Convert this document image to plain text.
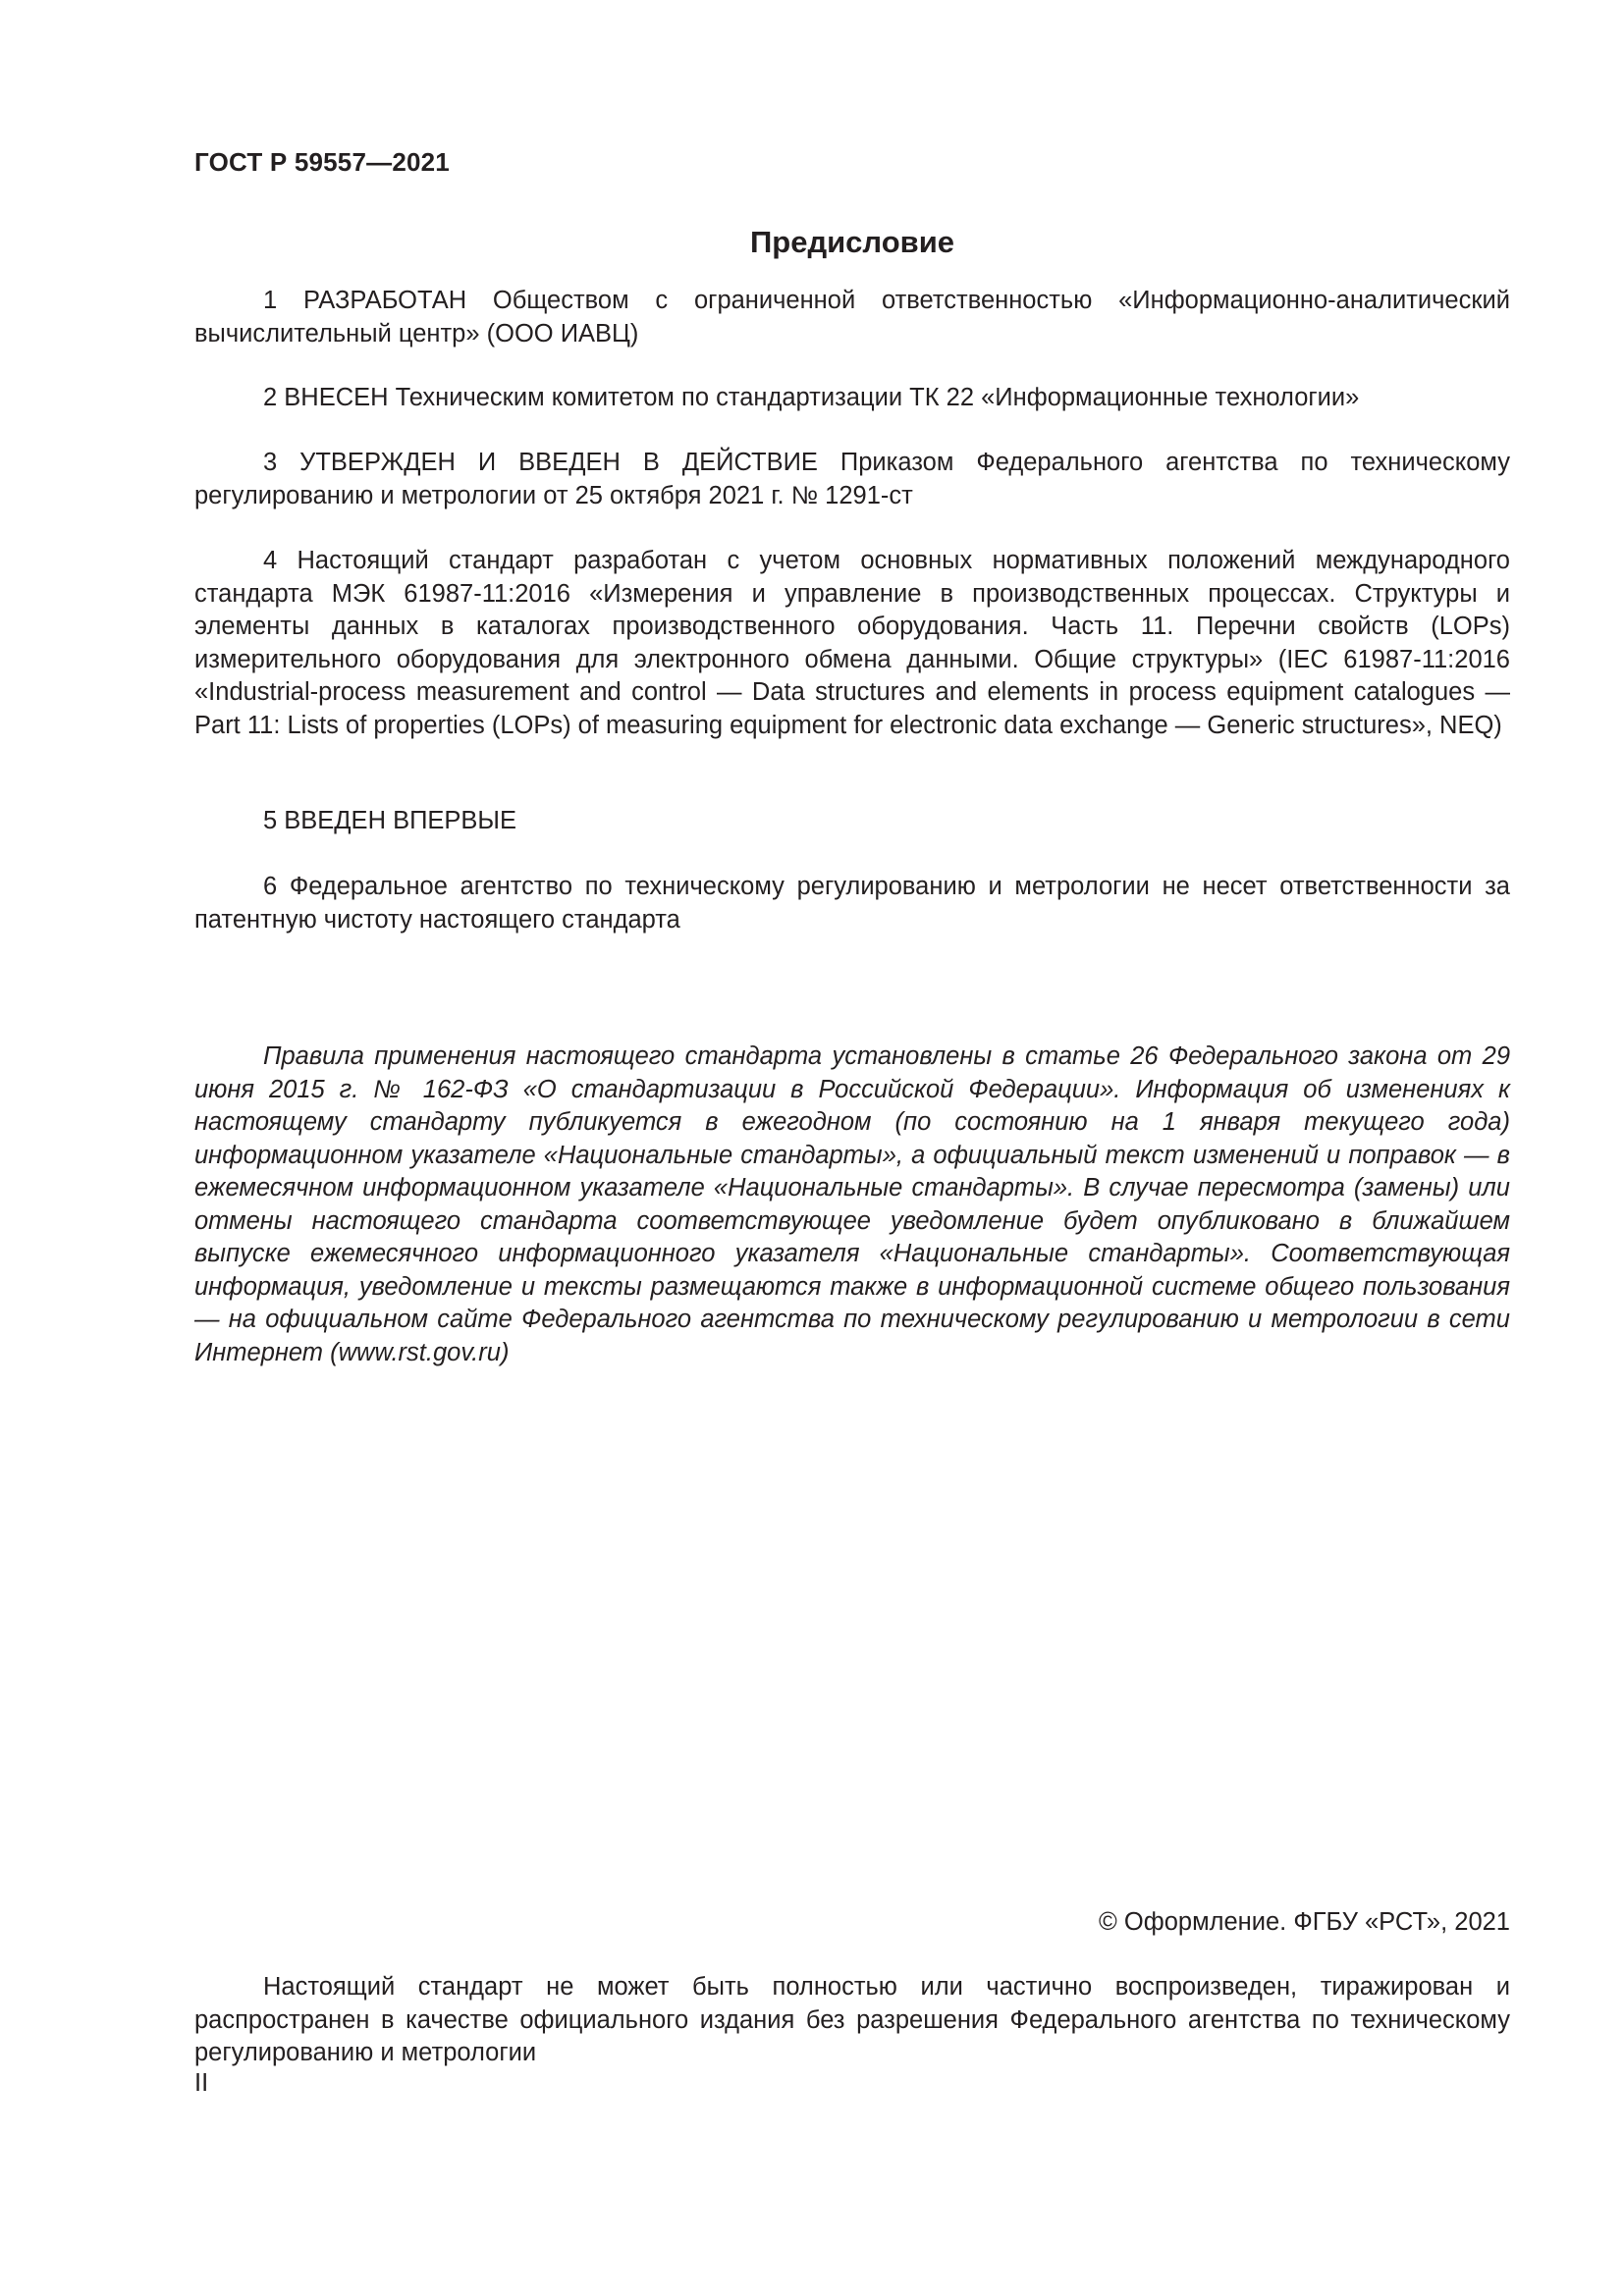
ГОСТ Р 59557—2021
Предисловие

1 РАЗРАБОТАН Обществом с ограниченной ответственностью «Информационно-аналитический вычислительный центр» (ООО ИАВЦ)

2 ВНЕСЕН Техническим комитетом по стандартизации ТК 22 «Информационные технологии»

3 УТВЕРЖДЕН И ВВЕДЕН В ДЕЙСТВИЕ Приказом Федерального агентства по техническому регулированию и метрологии от 25 октября 2021 г. № 1291-ст

4 Настоящий стандарт разработан с учетом основных нормативных положений международного стандарта МЭК 61987-11:2016 «Измерения и управление в производственных процессах. Структуры и элементы данных в каталогах производственного оборудования. Часть 11. Перечни свойств (LOPs) измерительного оборудования для электронного обмена данными. Общие структуры» (IEC 61987-11:2016 «Industrial-process measurement and control — Data structures and elements in process equipment catalogues — Part 11: Lists of properties (LOPs) of measuring equipment for electronic data exchange — Generic structures», NEQ)

5 ВВЕДЕН ВПЕРВЫЕ

6 Федеральное агентство по техническому регулированию и метрологии не несет ответственности за патентную чистоту настоящего стандарта

Правила применения настоящего стандарта установлены в статье 26 Федерального закона от 29 июня 2015 г. № 162-ФЗ «О стандартизации в Российской Федерации». Информация об изменениях к настоящему стандарту публикуется в ежегодном (по состоянию на 1 января текущего года) информационном указателе «Национальные стандарты», а официальный текст изменений и поправок — в ежемесячном информационном указателе «Национальные стандарты». В случае пересмотра (замены) или отмены настоящего стандарта соответствующее уведомление будет опубликовано в ближайшем выпуске ежемесячного информационного указателя «Национальные стандарты». Соответствующая информация, уведомление и тексты размещаются также в информационной системе общего пользования — на официальном сайте Федерального агентства по техническому регулированию и метрологии в сети Интернет (www.rst.gov.ru)

© Оформление. ФГБУ «РСТ», 2021

Настоящий стандарт не может быть полностью или частично воспроизведен, тиражирован и распространен в качестве официального издания без разрешения Федерального агентства по техническому регулированию и метрологии

II
